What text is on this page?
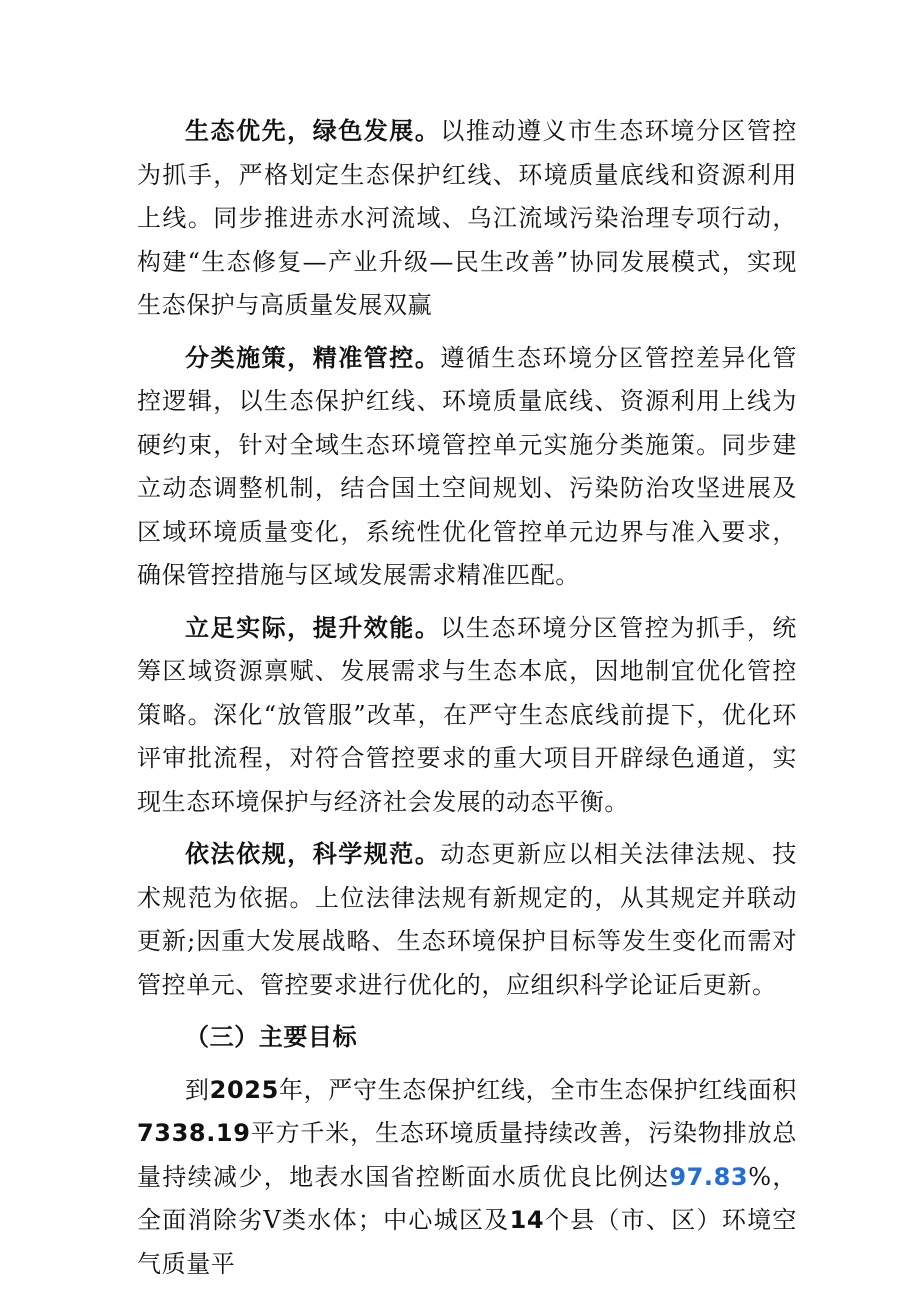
生态优先，绿色发展。以推动遵义市生态环境分区管控为抓手，严格划定生态保护红线、环境质量底线和资源利用上线。同步推进赤水河流域、乌江流域污染治理专项行动，构建“生态修复—产业升级—民生改善”协同发展模式，实现生态保护与高质量发展双赢

分类施策，精准管控。遵循生态环境分区管控差异化管控逻辑，以生态保护红线、环境质量底线、资源利用上线为硬约束，针对全域生态环境管控单元实施分类施策。同步建立动态调整机制，结合国土空间规划、污染防治攻坚进展及区域环境质量变化，系统性优化管控单元边界与准入要求，确保管控措施与区域发展需求精准匹配。

立足实际，提升效能。以生态环境分区管控为抓手，统筹区域资源禀赋、发展需求与生态本底，因地制宜优化管控策略。深化“放管服”改革，在严守生态底线前提下，优化环评审批流程，对符合管控要求的重大项目开辟绿色通道，实现生态环境保护与经济社会发展的动态平衡。

依法依规，科学规范。动态更新应以相关法律法规、技术规范为依据。上位法律法规有新规定的，从其规定并联动更新;因重大发展战略、生态环境保护目标等发生变化而需对管控单元、管控要求进行优化的，应组织科学论证后更新。

（三）主要目标

到2025年，严守生态保护红线，全市生态保护红线面积7338.19平方千米，生态环境质量持续改善，污染物排放总量持续减少，地表水国省控断面水质优良比例达97.83%，全面消除劣V类水体；中心城区及14个县（市、区）环境空气质量平
